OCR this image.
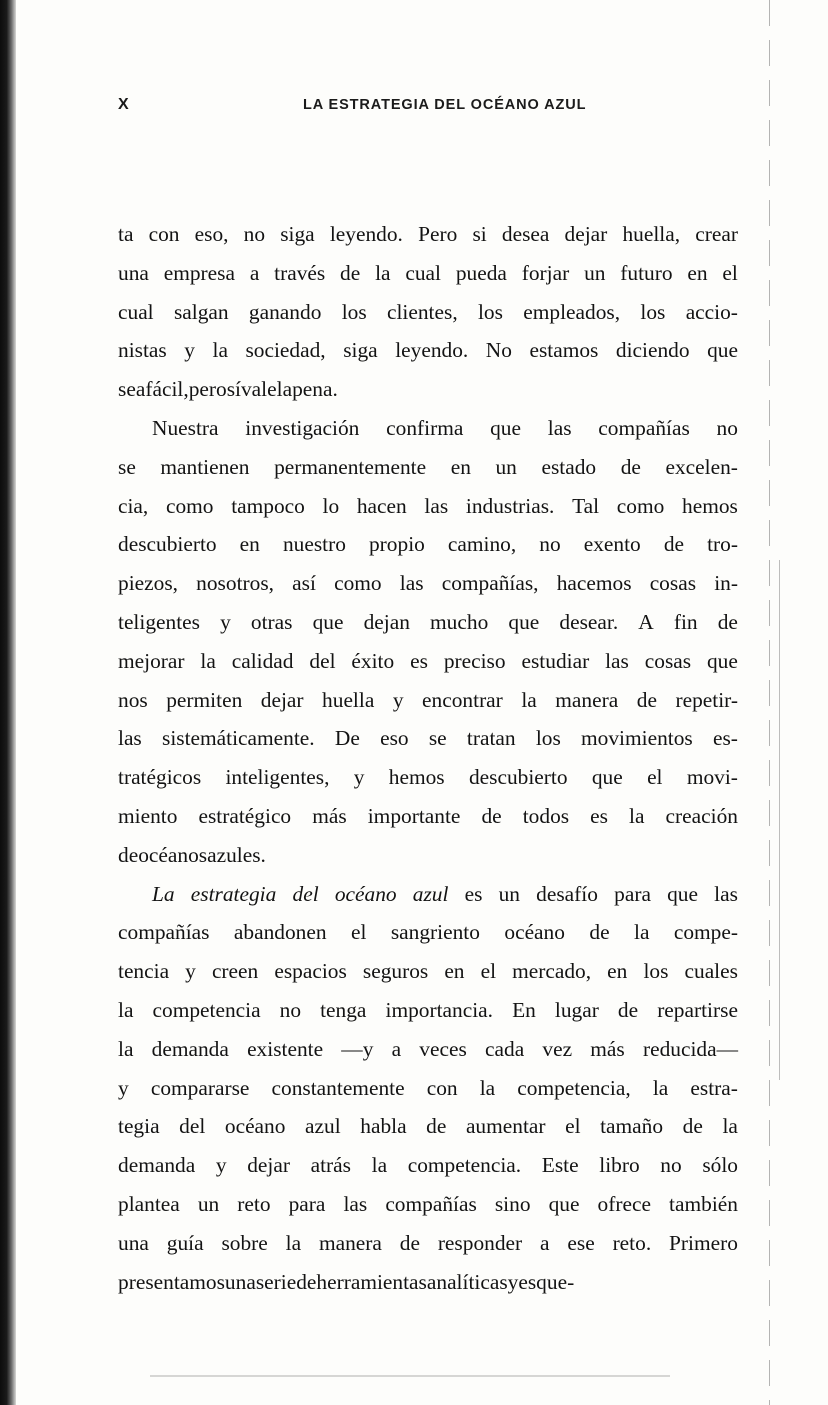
X	LA ESTRATEGIA DEL OCÉANO AZUL

ta con eso, no siga leyendo. Pero si desea dejar huella, crear
una empresa a través de la cual pueda forjar un futuro en el
cual salgan ganando los clientes, los empleados, los accio-
nistas y la sociedad, siga leyendo. No estamos diciendo que
sea fácil, pero sí vale la pena.

Nuestra investigación confirma que las compañías no
se mantienen permanentemente en un estado de excelen-
cia, como tampoco lo hacen las industrias. Tal como hemos
descubierto en nuestro propio camino, no exento de tro-
piezos, nosotros, así como las compañías, hacemos cosas in-
teligentes y otras que dejan mucho que desear. A fin de
mejorar la calidad del éxito es preciso estudiar las cosas que
nos permiten dejar huella y encontrar la manera de repetir-
las sistemáticamente. De eso se tratan los movimientos es-
tratégicos inteligentes, y hemos descubierto que el movi-
miento estratégico más importante de todos es la creación
de océanos azules.

La estrategia del océano azul es un desafío para que las
compañías abandonen el sangriento océano de la compe-
tencia y creen espacios seguros en el mercado, en los cuales
la competencia no tenga importancia. En lugar de repartirse
la demanda existente —y a veces cada vez más reducida—
y compararse constantemente con la competencia, la estra-
tegia del océano azul habla de aumentar el tamaño de la
demanda y dejar atrás la competencia. Este libro no sólo
plantea un reto para las compañías sino que ofrece también
una guía sobre la manera de responder a ese reto. Primero
presentamos una serie de herramientas analíticas y esque-
